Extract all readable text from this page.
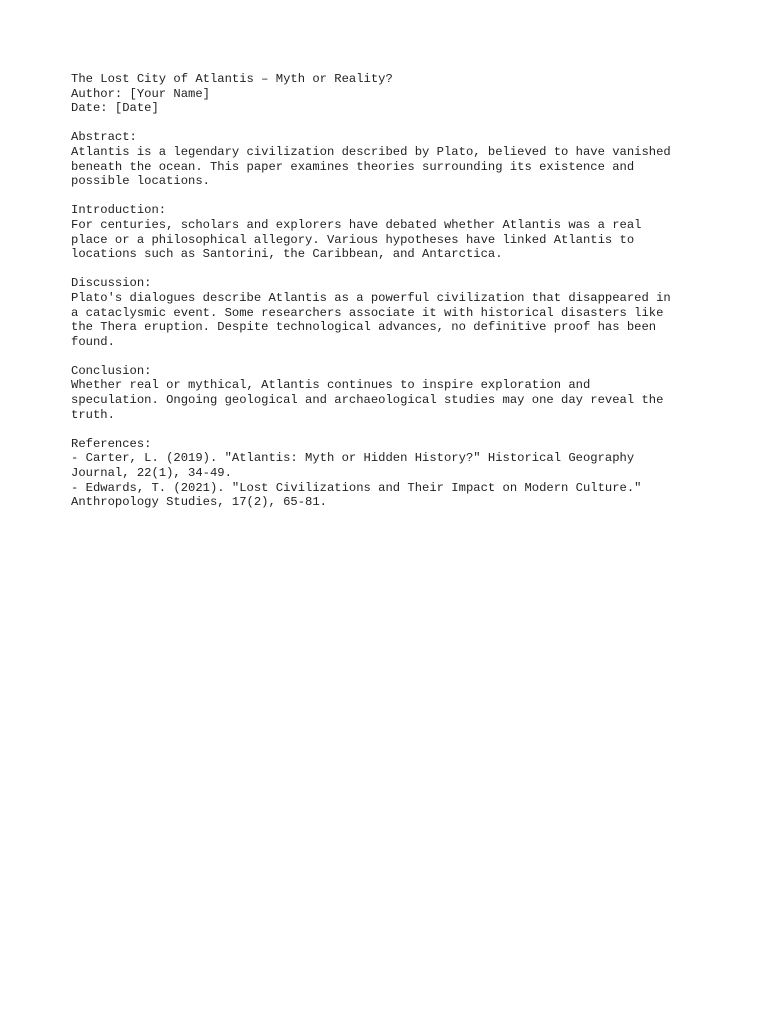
The Lost City of Atlantis – Myth or Reality?

Author: [Your Name]

Date: [Date]

Abstract:

Atlantis is a legendary civilization described by Plato, believed to have vanished

beneath the ocean. This paper examines theories surrounding its existence and

possible locations.

Introduction:

For centuries, scholars and explorers have debated whether Atlantis was a real

place or a philosophical allegory. Various hypotheses have linked Atlantis to

locations such as Santorini, the Caribbean, and Antarctica.

Discussion:

Plato's dialogues describe Atlantis as a powerful civilization that disappeared in

a cataclysmic event. Some researchers associate it with historical disasters like

the Thera eruption. Despite technological advances, no definitive proof has been

found.

Conclusion:

Whether real or mythical, Atlantis continues to inspire exploration and

speculation. Ongoing geological and archaeological studies may one day reveal the

truth.

References:

- Carter, L. (2019). "Atlantis: Myth or Hidden History?" Historical Geography

Journal, 22(1), 34-49.

- Edwards, T. (2021). "Lost Civilizations and Their Impact on Modern Culture."

Anthropology Studies, 17(2), 65-81.
